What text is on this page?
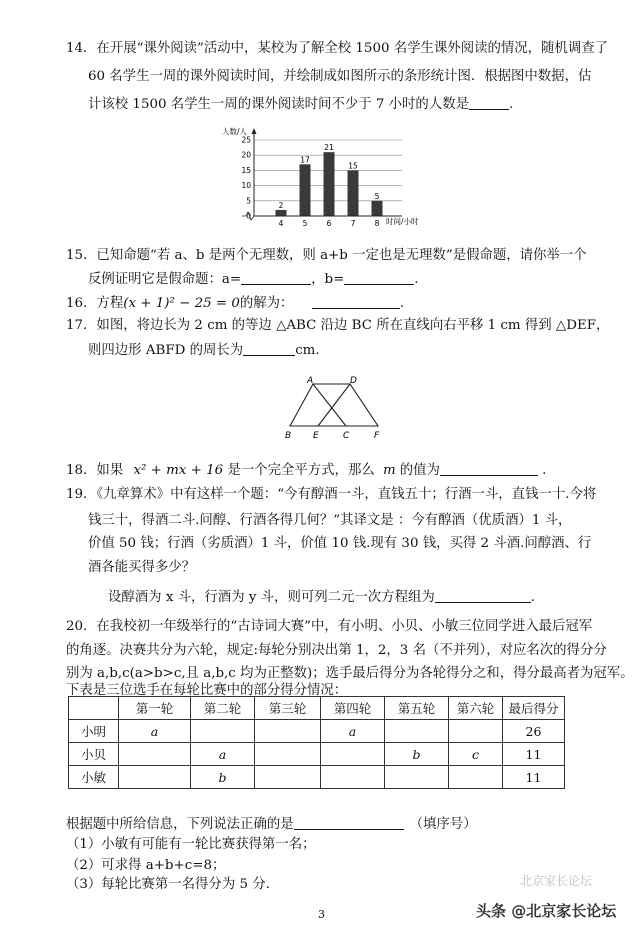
14．在开展“课外阅读”活动中，某校为了解全校 1500 名学生课外阅读的情况，随机调查了
60 名学生一周的课外阅读时间，并绘制成如图所示的条形统计图．根据图中数据，估
计该校 1500 名学生一周的课外阅读时间不少于 7 小时的人数是	.
0
5
10
15
20
25
4	5	6	7	8
2
17
21
15
5
人数/人
时间/小时
15．已知命题“若 a、b 是两个无理数，则 a+b 一定也是无理数”是假命题，请你举一个
反例证明它是假命题：a=	，b=	.
16．方程(x + 1)² − 25 = 0的解为：	.
17．如图，将边长为 2 cm 的等边 △ABC 沿边 BC 所在直线向右平移 1 cm 得到 △DEF，
则四边形 ABFD 的周长为	cm.
A	D
B E	C	F
18．如果 x² + mx + 16 是一个完全平方式，那么 m 的值为	.
19．《九章算术》中有这样一个题：“今有醇酒一斗，直钱五十；行酒一斗，直钱一十.今将
钱三十，得酒二斗.问醇、行酒各得几何？”其译文是 ：今有醇酒（优质酒）1 斗，
价值 50 钱；行酒（劣质酒）1 斗，价值 10 钱.现有 30 钱，买得 2 斗酒.问醇酒、行
酒各能买得多少？
设醇酒为 x 斗，行酒为 y 斗，则可列二元一次方程组为	.
20．在我校初一年级举行的“古诗词大赛”中，有小明、小贝、小敏三位同学进入最后冠军
的角逐。决赛共分为六轮，规定:每轮分别决出第 1，2，3 名（不并列），对应名次的得分分
别为 a,b,c(a>b>c,且 a,b,c 均为正整数)；选手最后得分为各轮得分之和，得分最高者为冠军。
下表是三位选手在每轮比赛中的部分得分情况：
	第一轮	第二轮	第三轮	第四轮	第五轮	第六轮	最后得分
小明	a			a			26
小贝		a			b	c	11
小敏		b					11
根据题中所给信息，下列说法正确的是	（填序号）
（1）小敏有可能有一轮比赛获得第一名；
（2）可求得 a+b+c=8；
（3）每轮比赛第一名得分为 5 分.
3
北京家长论坛
头条 @北京家长论坛
